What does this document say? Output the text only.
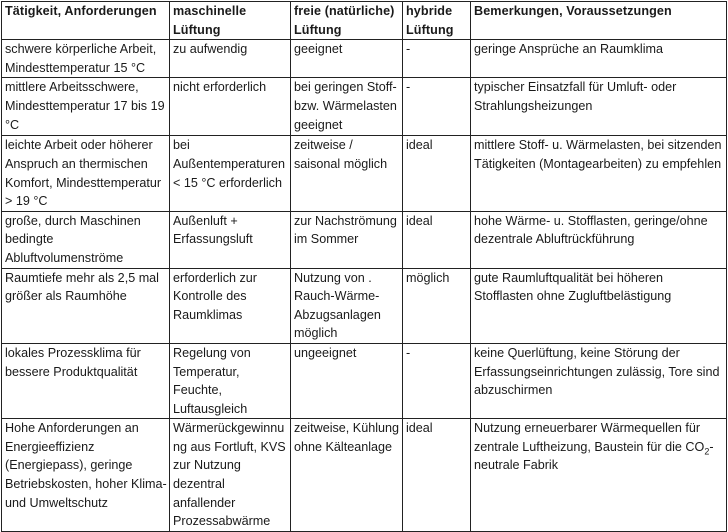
Tätigkeit, Anforderungen	maschinelle Lüftung	freie (natürliche) Lüftung	hybride Lüftung	Bemerkungen, Voraussetzungen
schwere körperliche Arbeit, Mindesttemperatur 15 °C	zu aufwendig	geeignet	-	geringe Ansprüche an Raumklima
mittlere Arbeitsschwere, Mindesttemperatur 17 bis 19 °C	nicht erforderlich	bei geringen Stoff- bzw. Wärmelasten geeignet	-	typischer Einsatzfall für Umluft- oder Strahlungsheizungen
leichte Arbeit oder höherer Anspruch an thermischen Komfort, Mindesttemperatur > 19 °C	bei Außentemperaturen < 15 °C erforderlich	zeitweise / saisonal möglich	ideal	mittlere Stoff- u. Wärmelasten, bei sitzenden Tätigkeiten (Montagearbeiten) zu empfehlen
große, durch Maschinen bedingte Abluftvolumenströme	Außenluft + Erfassungsluft	zur Nachströmung im Sommer	ideal	hohe Wärme- u. Stofflasten, geringe/ohne dezentrale Abluftrückführung
Raumtiefe mehr als 2,5 mal größer als Raumhöhe	erforderlich zur Kontrolle des Raumklimas	Nutzung von . Rauch-Wärme-Abzugsanlagen möglich	möglich	gute Raumluftqualität bei höheren Stofflasten ohne Zugluftbelästigung
lokales Prozessklima für bessere Produktqualität	Regelung von Temperatur, Feuchte, Luftausgleich	ungeeignet	-	keine Querlüftung, keine Störung der Erfassungseinrichtungen zulässig, Tore sind abzuschirmen
Hohe Anforderungen an Energieeffizienz (Energiepass), geringe Betriebskosten, hoher Klima- und Umweltschutz	Wärmerückgewinnung aus Fortluft, KVS zur Nutzung dezentral anfallender Prozessabwärme	zeitweise, Kühlung ohne Kälteanlage	ideal	Nutzung erneuerbarer Wärmequellen für zentrale Luftheizung, Baustein für die $CO_2$-neutrale Fabrik
